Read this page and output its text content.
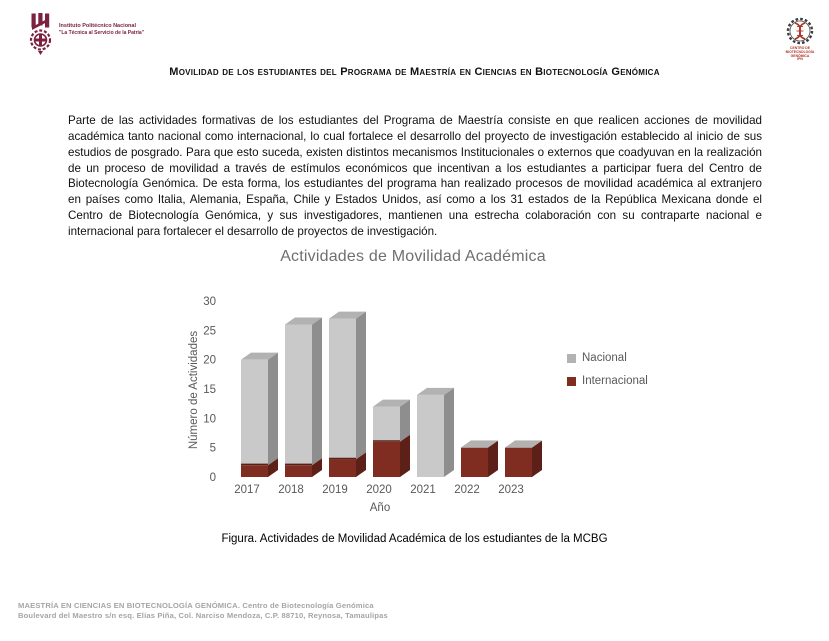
Instituto Politécnico Nacional
"La Técnica al Servicio de la Patria"
CENTRO DE
BIOTECNOLOGÍA GENÓMICA
IPN
Movilidad de los estudiantes del Programa de Maestría en Ciencias en Biotecnología Genómica
Parte de las actividades formativas de los estudiantes del Programa de Maestría consiste en que realicen acciones de movilidad académica tanto nacional como internacional, lo cual fortalece el desarrollo del proyecto de investigación establecido al inicio de sus estudios de posgrado. Para que esto suceda, existen distintos mecanismos Institucionales o externos que coadyuvan en la realización de un proceso de movilidad a través de estímulos económicos que incentivan a los estudiantes a participar fuera del Centro de Biotecnología Genómica. De esta forma, los estudiantes del programa han realizado procesos de movilidad académica al extranjero en países como Italia, Alemania, España, Chile y Estados Unidos, así como a los 31 estados de la República Mexicana donde el Centro de Biotecnología Genómica, y sus investigadores, mantienen una estrecha colaboración con su contraparte nacional e internacional para fortalecer el desarrollo de proyectos de investigación.
Actividades de Movilidad Académica
0
5
10
15
20
25
30
Número de Actividades
Año
2017 2018 2019 2020 2021 2022 2023
Nacional
Internacional
Figura. Actividades de Movilidad Académica de los estudiantes de la MCBG
MAESTRÍA EN CIENCIAS EN BIOTECNOLOGÍA GENÓMICA. Centro de Biotecnología Genómica
Boulevard del Maestro s/n esq. Elías Piña, Col. Narciso Mendoza, C.P. 88710, Reynosa, Tamaulipas
